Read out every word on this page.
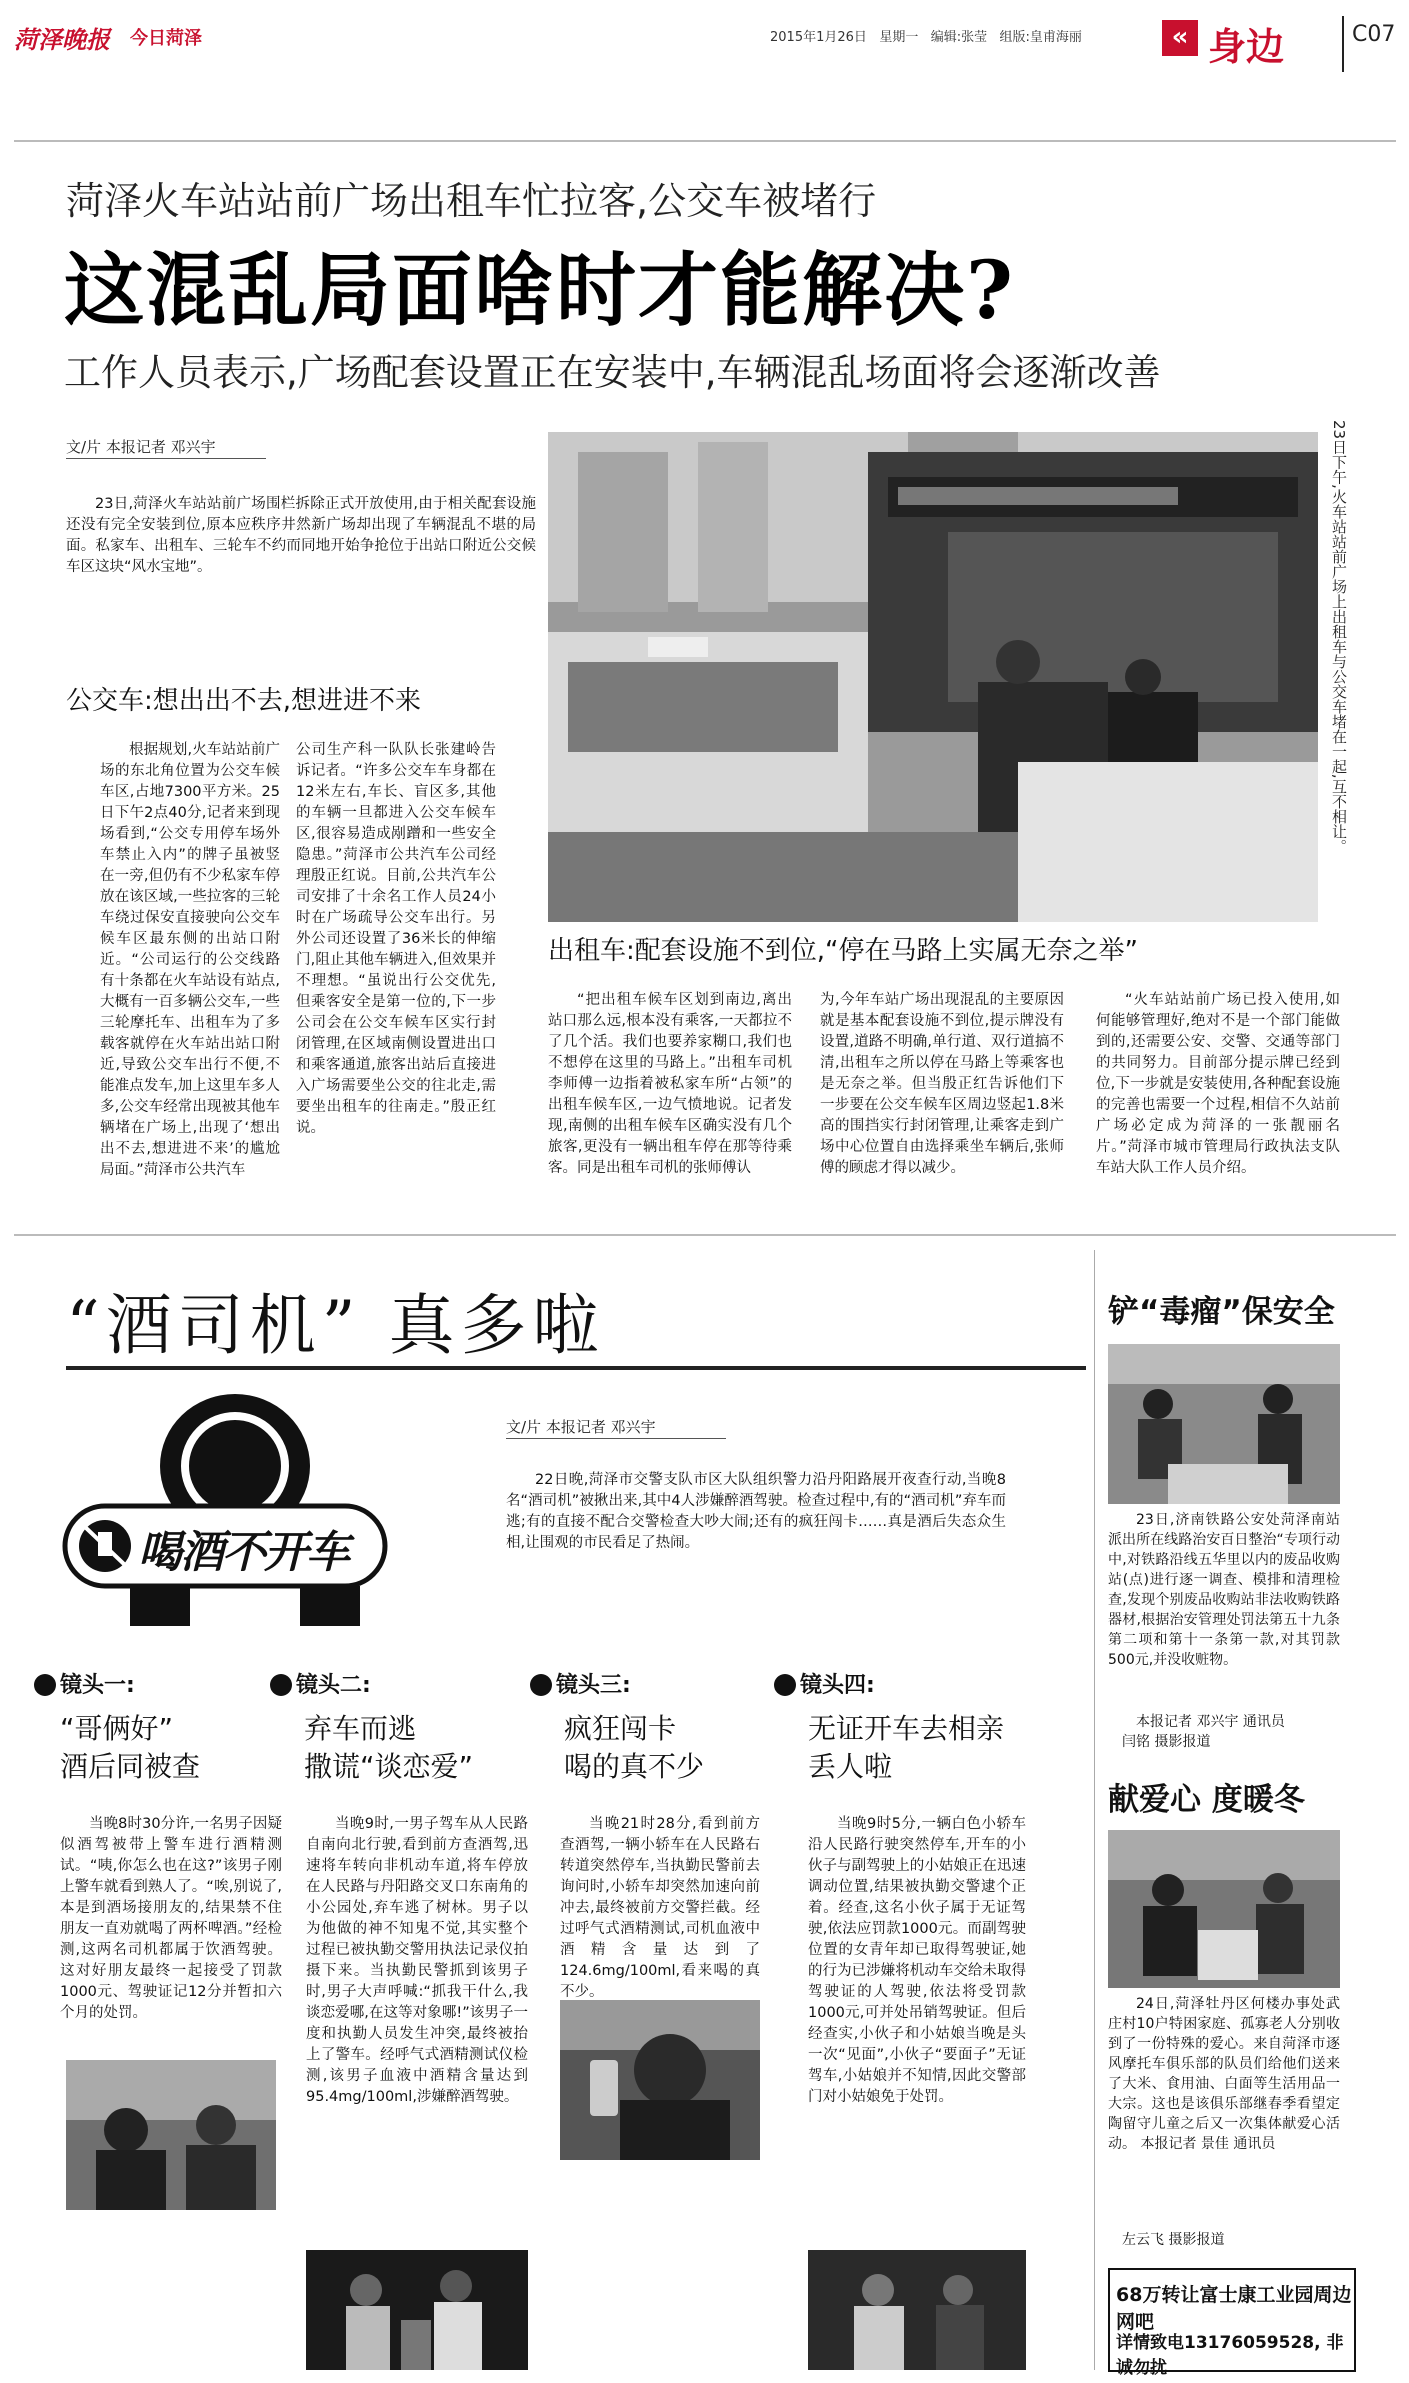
菏泽晚报 今日菏泽	2015年1月26日 星期一 编辑:张莹 组版:皇甫海丽	« 身边	C07
菏泽火车站站前广场出租车忙拉客,公交车被堵行
这混乱局面啥时才能解决?
工作人员表示,广场配套设置正在安装中,车辆混乱场面将会逐渐改善
文/片 本报记者 邓兴宇
23日,菏泽火车站站前广场围栏拆除正式开放使用,由于相关配套设施还没有完全安装到位,原本应秩序井然新广场却出现了车辆混乱不堪的局面。私家车、出租车、三轮车不约而同地开始争抢位于出站口附近公交候车区这块“风水宝地”。	23日下午,火车站站前广场上出租车与公交车堵在一起,互不相让。
公交车:想出出不去,想进进不来
根据规划,火车站站前广场的东北角位置为公交车候车区,占地7300平方米。25日下午2点40分,记者来到现场看到,“公交专用停车场外车禁止入内”的牌子虽被竖在一旁,但仍有不少私家车停放在该区域,一些拉客的三轮车绕过保安直接驶向公交车候车区最东侧的出站口附近。“公司运行的公交线路有十条都在火车站设有站点,大概有一百多辆公交车,一些三轮摩托车、出租车为了多载客就停在火车站出站口附近,导致公交车出行不便,不能准点发车,加上这里车多人多,公交车经常出现被其他车辆堵在广场上,出现了‘想出出不去,想进进不来’的尴尬局面。”菏泽市公共汽车
公司生产科一队队长张建岭告诉记者。“许多公交车车身都在12米左右,车长、盲区多,其他的车辆一旦都进入公交车候车区,很容易造成剐蹭和一些安全隐患。”菏泽市公共汽车公司经理殷正红说。目前,公共汽车公司安排了十余名工作人员24小时在广场疏导公交车出行。另外公司还设置了36米长的伸缩门,阻止其他车辆进入,但效果并不理想。“虽说出行公交优先,但乘客安全是第一位的,下一步公司会在公交车候车区实行封闭管理,在区域南侧设置进出口和乘客通道,旅客出站后直接进入广场需要坐公交的往北走,需要坐出租车的往南走。”殷正红说。
出租车:配套设施不到位,“停在马路上实属无奈之举”
“把出租车候车区划到南边,离出站口那么远,根本没有乘客,一天都拉不了几个活。我们也要养家糊口,我们也不想停在这里的马路上。”出租车司机李师傅一边指着被私家车所“占领”的出租车候车区,一边气愤地说。记者发现,南侧的出租车候车区确实没有几个旅客,更没有一辆出租车停在那等待乘客。同是出租车司机的张师傅认
为,今年车站广场出现混乱的主要原因就是基本配套设施不到位,提示牌没有设置,道路不明确,单行道、双行道搞不清,出租车之所以停在马路上等乘客也是无奈之举。但当殷正红告诉他们下一步要在公交车候车区周边竖起1.8米高的围挡实行封闭管理,让乘客走到广场中心位置自由选择乘坐车辆后,张师傅的顾虑才得以减少。
“火车站站前广场已投入使用,如何能够管理好,绝对不是一个部门能做到的,还需要公安、交警、交通等部门的共同努力。目前部分提示牌已经到位,下一步就是安装使用,各种配套设施的完善也需要一个过程,相信不久站前广场必定成为菏泽的一张靓丽名片。”菏泽市城市管理局行政执法支队车站大队工作人员介绍。
“酒司机” 真多啦
喝酒不开车
文/片 本报记者 邓兴宇
22日晚,菏泽市交警支队市区大队组织警力沿丹阳路展开夜查行动,当晚8名“酒司机”被揪出来,其中4人涉嫌醉酒驾驶。检查过程中,有的“酒司机”弃车而逃;有的直接不配合交警检查大吵大闹;还有的疯狂闯卡……真是酒后失态众生相,让围观的市民看足了热闹。
镜头一:
“哥俩好”
酒后同被查
当晚8时30分许,一名男子因疑似酒驾被带上警车进行酒精测试。“咦,你怎么也在这?”该男子刚上警车就看到熟人了。“唉,别说了,本是到酒场接朋友的,结果禁不住朋友一直劝就喝了两杯啤酒。”经检测,这两名司机都属于饮酒驾驶。这对好朋友最终一起接受了罚款1000元、驾驶证记12分并暂扣六个月的处罚。
镜头二:
弃车而逃
撒谎“谈恋爱”
当晚9时,一男子驾车从人民路自南向北行驶,看到前方查酒驾,迅速将车转向非机动车道,将车停放在人民路与丹阳路交叉口东南角的小公园处,弃车逃了树林。男子以为他做的神不知鬼不觉,其实整个过程已被执勤交警用执法记录仪拍摄下来。当执勤民警抓到该男子时,男子大声呼喊:“抓我干什么,我谈恋爱哪,在这等对象哪!”该男子一度和执勤人员发生冲突,最终被抬上了警车。经呼气式酒精测试仪检测,该男子血液中酒精含量达到95.4mg/100ml,涉嫌醉酒驾驶。
镜头三:
疯狂闯卡
喝的真不少
当晚21时28分,看到前方查酒驾,一辆小轿车在人民路右转道突然停车,当执勤民警前去询问时,小轿车却突然加速向前冲去,最终被前方交警拦截。经过呼气式酒精测试,司机血液中酒精含量达到了124.6mg/100ml,看来喝的真不少。
镜头四:
无证开车去相亲
丢人啦
当晚9时5分,一辆白色小轿车沿人民路行驶突然停车,开车的小伙子与副驾驶上的小姑娘正在迅速调动位置,结果被执勤交警逮个正着。经查,这名小伙子属于无证驾驶,依法应罚款1000元。而副驾驶位置的女青年却已取得驾驶证,她的行为已涉嫌将机动车交给未取得驾驶证的人驾驶,依法将受罚款1000元,可并处吊销驾驶证。但后经查实,小伙子和小姑娘当晚是头一次“见面”,小伙子“要面子”无证驾车,小姑娘并不知情,因此交警部门对小姑娘免于处罚。
铲“毒瘤”保安全
23日,济南铁路公安处菏泽南站派出所在线路治安百日整治“专项行动中,对铁路沿线五华里以内的废品收购站(点)进行逐一调查、模排和清理检查,发现个别废品收购站非法收购铁路器材,根据治安管理处罚法第五十九条第二项和第十一条第一款,对其罚款500元,并没收赃物。
本报记者 邓兴宇 通讯员
闫铭 摄影报道
献爱心 度暖冬
24日,菏泽牡丹区何楼办事处武庄村10户特困家庭、孤寡老人分别收到了一份特殊的爱心。来自菏泽市逐风摩托车俱乐部的队员们给他们送来了大米、食用油、白面等生活用品一大宗。这也是该俱乐部继春季看望定陶留守儿童之后又一次集体献爱心活动。 本报记者 景佳 通讯员
左云飞 摄影报道
68万转让富士康工业园周边网吧
详情致电13176059528, 非诚勿扰
